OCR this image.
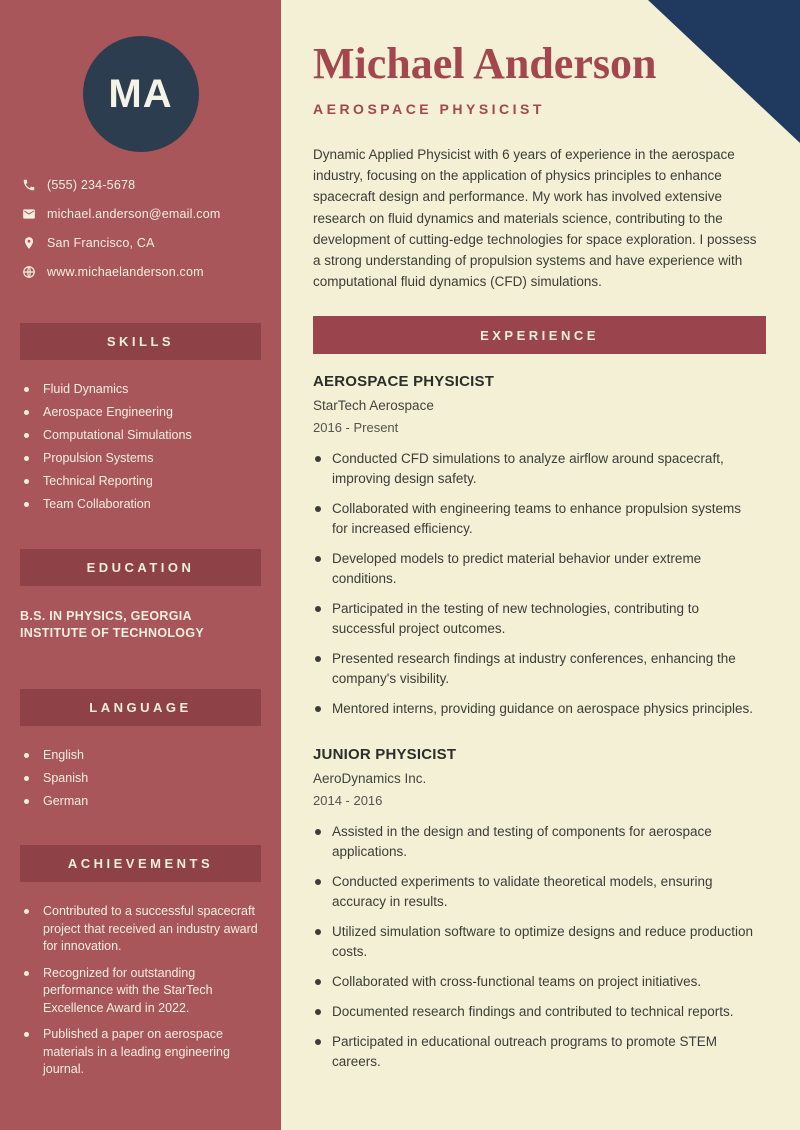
MA
(555) 234-5678
michael.anderson@email.com
San Francisco, CA
www.michaelanderson.com
SKILLS
Fluid Dynamics
Aerospace Engineering
Computational Simulations
Propulsion Systems
Technical Reporting
Team Collaboration
EDUCATION
B.S. IN PHYSICS, GEORGIA INSTITUTE OF TECHNOLOGY
LANGUAGE
English
Spanish
German
ACHIEVEMENTS
Contributed to a successful spacecraft project that received an industry award for innovation.
Recognized for outstanding performance with the StarTech Excellence Award in 2022.
Published a paper on aerospace materials in a leading engineering journal.
Michael Anderson
AEROSPACE PHYSICIST

Dynamic Applied Physicist with 6 years of experience in the aerospace industry, focusing on the application of physics principles to enhance spacecraft design and performance. My work has involved extensive research on fluid dynamics and materials science, contributing to the development of cutting-edge technologies for space exploration. I possess a strong understanding of propulsion systems and have experience with computational fluid dynamics (CFD) simulations.

EXPERIENCE
AEROSPACE PHYSICIST
StarTech Aerospace
2016 - Present
Conducted CFD simulations to analyze airflow around spacecraft, improving design safety.
Collaborated with engineering teams to enhance propulsion systems for increased efficiency.
Developed models to predict material behavior under extreme conditions.
Participated in the testing of new technologies, contributing to successful project outcomes.
Presented research findings at industry conferences, enhancing the company's visibility.
Mentored interns, providing guidance on aerospace physics principles.
JUNIOR PHYSICIST
AeroDynamics Inc.
2014 - 2016
Assisted in the design and testing of components for aerospace applications.
Conducted experiments to validate theoretical models, ensuring accuracy in results.
Utilized simulation software to optimize designs and reduce production costs.
Collaborated with cross-functional teams on project initiatives.
Documented research findings and contributed to technical reports.
Participated in educational outreach programs to promote STEM careers.
